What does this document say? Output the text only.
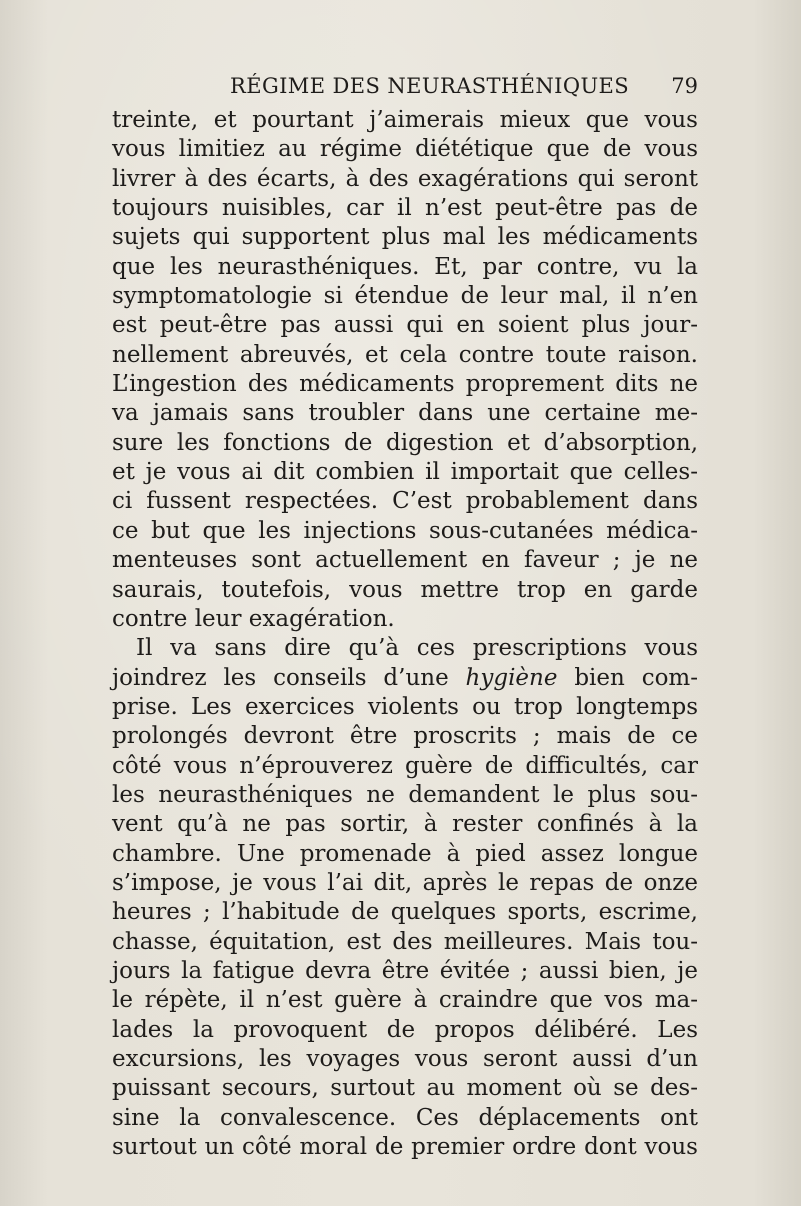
RÉGIME DES NEURASTHÉNIQUES 79
treinte, et pourtant j’aimerais mieux que vous
vous limitiez au régime diététique que de vous
livrer à des écarts, à des exagérations qui seront
toujours nuisibles, car il n’est peut-être pas de
sujets qui supportent plus mal les médicaments
que les neurasthéniques. Et, par contre, vu la
symptomatologie si étendue de leur mal, il n’en
est peut-être pas aussi qui en soient plus jour-
nellement abreuvés, et cela contre toute raison.
L’ingestion des médicaments proprement dits ne
va jamais sans troubler dans une certaine me-
sure les fonctions de digestion et d’absorption,
et je vous ai dit combien il importait que celles-
ci fussent respectées. C’est probablement dans
ce but que les injections sous-cutanées médica-
menteuses sont actuellement en faveur ; je ne
saurais, toutefois, vous mettre trop en garde
contre leur exagération.
Il va sans dire qu’à ces prescriptions vous
joindrez les conseils d’une hygiène bien com-
prise. Les exercices violents ou trop longtemps
prolongés devront être proscrits ; mais de ce
côté vous n’éprouverez guère de difficultés, car
les neurasthéniques ne demandent le plus sou-
vent qu’à ne pas sortir, à rester confinés à la
chambre. Une promenade à pied assez longue
s’impose, je vous l’ai dit, après le repas de onze
heures ; l’habitude de quelques sports, escrime,
chasse, équitation, est des meilleures. Mais tou-
jours la fatigue devra être évitée ; aussi bien, je
le répète, il n’est guère à craindre que vos ma-
lades la provoquent de propos délibéré. Les
excursions, les voyages vous seront aussi d’un
puissant secours, surtout au moment où se des-
sine la convalescence. Ces déplacements ont
surtout un côté moral de premier ordre dont vous
